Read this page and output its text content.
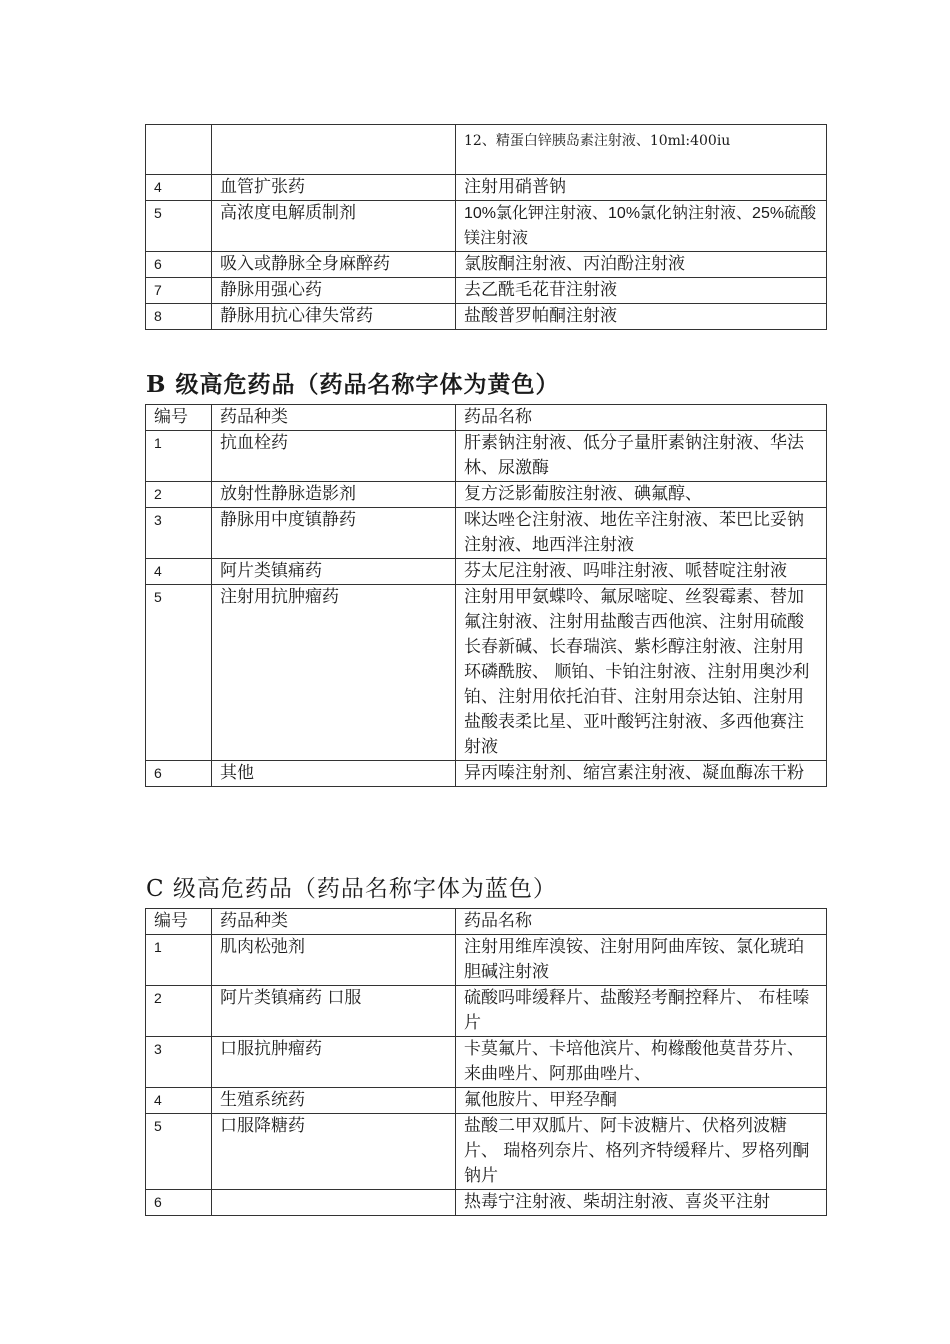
		12、精蛋白锌胰岛素注射液、10ml:400iu
4	血管扩张药	注射用硝普钠
5	高浓度电解质制剂	10%氯化钾注射液、10%氯化钠注射液、25%硫酸镁注射液
6	吸入或静脉全身麻醉药	氯胺酮注射液、丙泊酚注射液
7	静脉用强心药	去乙酰毛花苷注射液
8	静脉用抗心律失常药	盐酸普罗帕酮注射液
B 级高危药品（药品名称字体为黄色）
编号	药品种类	药品名称
1	抗血栓药	肝素钠注射液、低分子量肝素钠注射液、华法林、尿激酶
2	放射性静脉造影剂	复方泛影葡胺注射液、碘氟醇、
3	静脉用中度镇静药	咪达唑仑注射液、地佐辛注射液、苯巴比妥钠注射液、地西泮注射液
4	阿片类镇痛药	芬太尼注射液、吗啡注射液、哌替啶注射液
5	注射用抗肿瘤药	注射用甲氨蝶呤、氟尿嘧啶、丝裂霉素、替加氟注射液、注射用盐酸吉西他滨、注射用硫酸 长春新碱、长春瑞滨、紫杉醇注射液、注射用环磷酰胺、 顺铂、卡铂注射液、注射用奥沙利铂、注射用依托泊苷、注射用奈达铂、注射用盐酸表柔比星、亚叶酸钙注射液、多西他赛注射液
6	其他	异丙嗪注射剂、缩宫素注射液、凝血酶冻干粉
C 级高危药品（药品名称字体为蓝色）
编号	药品种类	药品名称
1	肌肉松弛剂	注射用维库溴铵、注射用阿曲库铵、氯化琥珀胆碱注射液
2	阿片类镇痛药 口服	硫酸吗啡缓释片、盐酸羟考酮控释片、 布桂嗪片
3	口服抗肿瘤药	卡莫氟片、卡培他滨片、枸橼酸他莫昔芬片、 来曲唑片、阿那曲唑片、
4	生殖系统药	氟他胺片、甲羟孕酮
5	口服降糖药	盐酸二甲双胍片、阿卡波糖片、伏格列波糖片、 瑞格列奈片、格列齐特缓释片、罗格列酮钠片
6		热毒宁注射液、柴胡注射液、喜炎平注射
